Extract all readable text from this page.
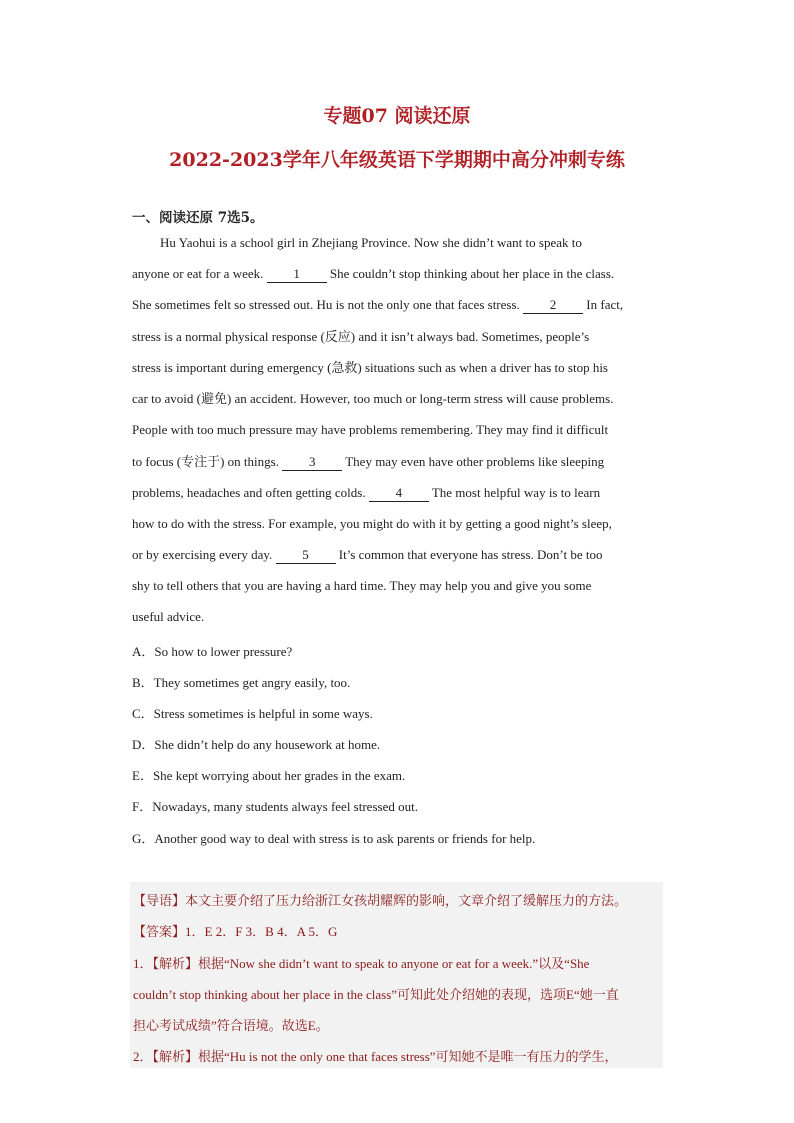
专题07 阅读还原
2022-2023学年八年级英语下学期期中高分冲刺专练
一、阅读还原 7选5。
Hu Yaohui is a school girl in Zhejiang Province. Now she didn’t want to speak to
anyone or eat for a week. 1 She couldn’t stop thinking about her place in the class.
She sometimes felt so stressed out. Hu is not the only one that faces stress. 2 In fact,
stress is a normal physical response (反应) and it isn’t always bad. Sometimes, people’s
stress is important during emergency (急救) situations such as when a driver has to stop his
car to avoid (避免) an accident. However, too much or long-term stress will cause problems.
People with too much pressure may have problems remembering. They may find it difficult
to focus (专注于) on things. 3 They may even have other problems like sleeping
problems, headaches and often getting colds. 4 The most helpful way is to learn
how to do with the stress. For example, you might do with it by getting a good night’s sleep,
or by exercising every day. 5 It’s common that everyone has stress. Don’t be too
shy to tell others that you are having a hard time. They may help you and give you some
useful advice.
A．So how to lower pressure?
B．They sometimes get angry easily, too.
C．Stress sometimes is helpful in some ways.
D．She didn’t help do any housework at home.
E．She kept worrying about her grades in the exam.
F．Nowadays, many students always feel stressed out.
G．Another good way to deal with stress is to ask parents or friends for help.
【导语】本文主要介绍了压力给浙江女孩胡耀辉的影响，文章介绍了缓解压力的方法。
【答案】1．E 2．F 3．B 4．A 5．G
1．【解析】根据“Now she didn’t want to speak to anyone or eat for a week.”以及“She
couldn’t stop thinking about her place in the class”可知此处介绍她的表现，选项E“她一直
担心考试成绩”符合语境。故选E。
2．【解析】根据“Hu is not the only one that faces stress”可知她不是唯一有压力的学生，
